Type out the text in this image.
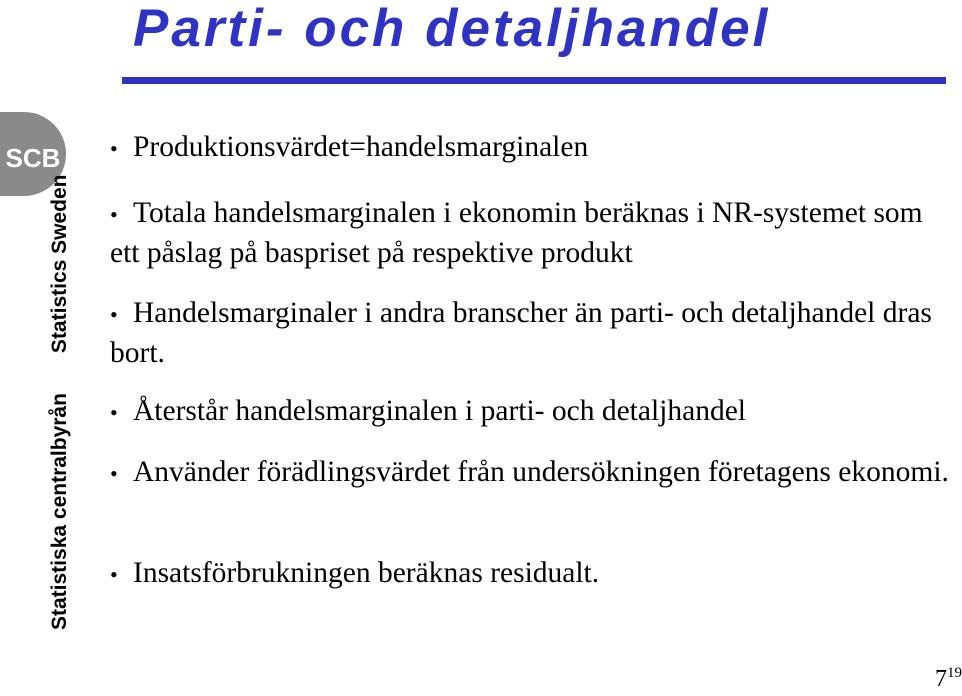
Parti- och detaljhandel
SCB
Statistiska centralbyrånStatistics Sweden
• Produktionsvärdet=handelsmarginalen
• Totala handelsmarginalen i ekonomin beräknas i NR-systemet som ett påslag på baspriset på respektive produkt
• Handelsmarginaler i andra branscher än parti- och detaljhandel dras bort.
• Återstår handelsmarginalen i parti- och detaljhandel
• Använder förädlingsvärdet från undersökningen företagens ekonomi.
• Insatsförbrukningen beräknas residualt.
$7^{19}$
